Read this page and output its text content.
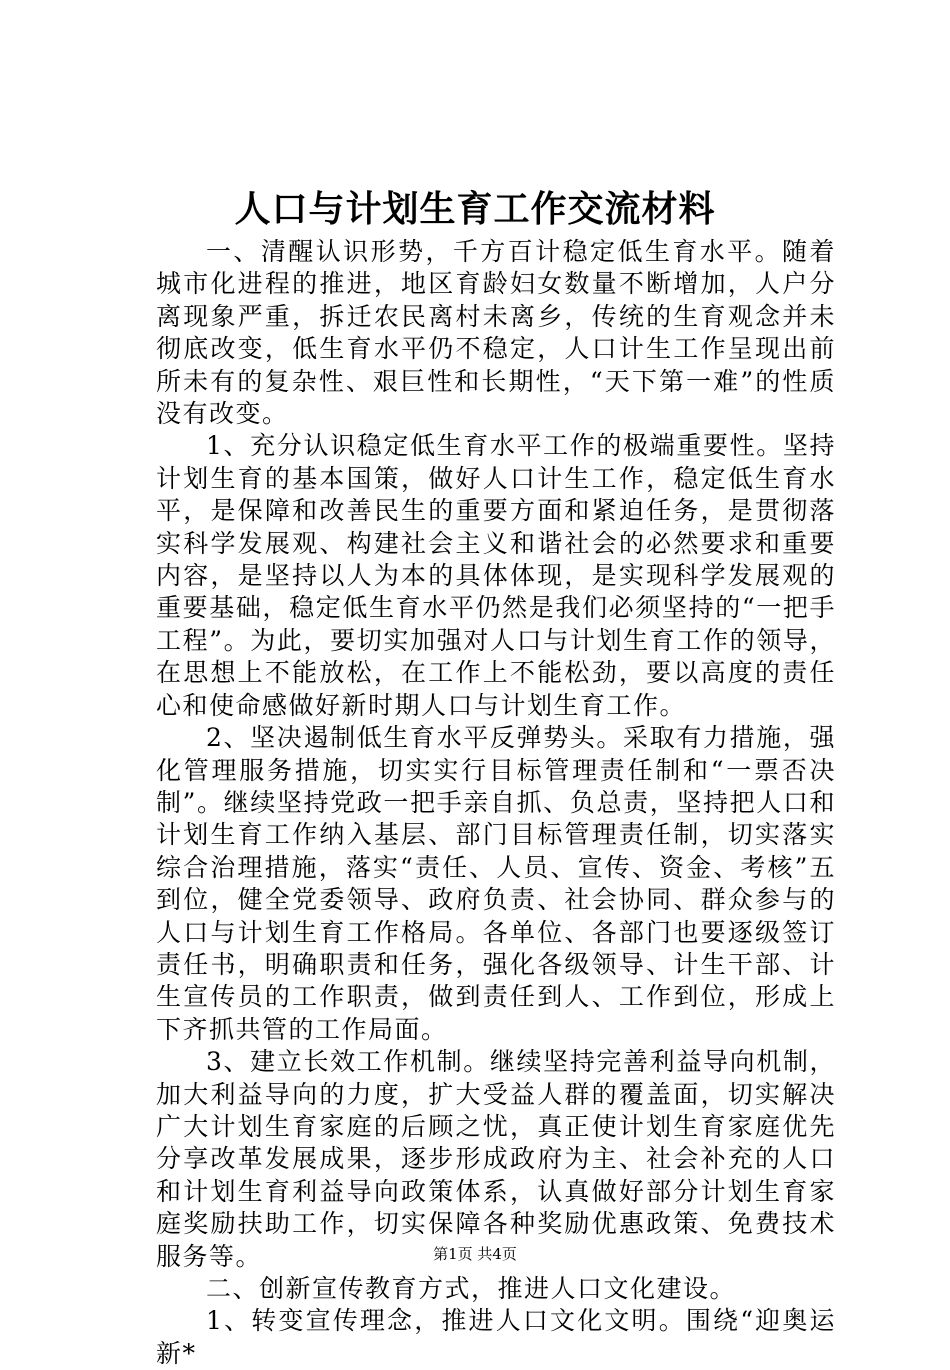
人口与计划生育工作交流材料

一、清醒认识形势，千方百计稳定低生育水平。随着城市化进程的推进，地区育龄妇女数量不断增加，人户分离现象严重，拆迁农民离村未离乡，传统的生育观念并未彻底改变，低生育水平仍不稳定，人口计生工作呈现出前所未有的复杂性、艰巨性和长期性，“天下第一难”的性质没有改变。

1、充分认识稳定低生育水平工作的极端重要性。坚持计划生育的基本国策，做好人口计生工作，稳定低生育水平，是保障和改善民生的重要方面和紧迫任务，是贯彻落实科学发展观、构建社会主义和谐社会的必然要求和重要内容，是坚持以人为本的具体体现，是实现科学发展观的重要基础，稳定低生育水平仍然是我们必须坚持的“一把手工程”。为此，要切实加强对人口与计划生育工作的领导，在思想上不能放松，在工作上不能松劲，要以高度的责任心和使命感做好新时期人口与计划生育工作。

2、坚决遏制低生育水平反弹势头。采取有力措施，强化管理服务措施，切实实行目标管理责任制和“一票否决制”。继续坚持党政一把手亲自抓、负总责，坚持把人口和计划生育工作纳入基层、部门目标管理责任制，切实落实综合治理措施，落实“责任、人员、宣传、资金、考核”五到位，健全党委领导、政府负责、社会协同、群众参与的人口与计划生育工作格局。各单位、各部门也要逐级签订责任书，明确职责和任务，强化各级领导、计生干部、计生宣传员的工作职责，做到责任到人、工作到位，形成上下齐抓共管的工作局面。

3、建立长效工作机制。继续坚持完善利益导向机制，加大利益导向的力度，扩大受益人群的覆盖面，切实解决广大计划生育家庭的后顾之忧，真正使计划生育家庭优先分享改革发展成果，逐步形成政府为主、社会补充的人口和计划生育利益导向政策体系，认真做好部分计划生育家庭奖励扶助工作，切实保障各种奖励优惠政策、免费技术服务等。

二、创新宣传教育方式，推进人口文化建设。

1、转变宣传理念，推进人口文化文明。围绕“迎奥运新*

第1页 共4页
